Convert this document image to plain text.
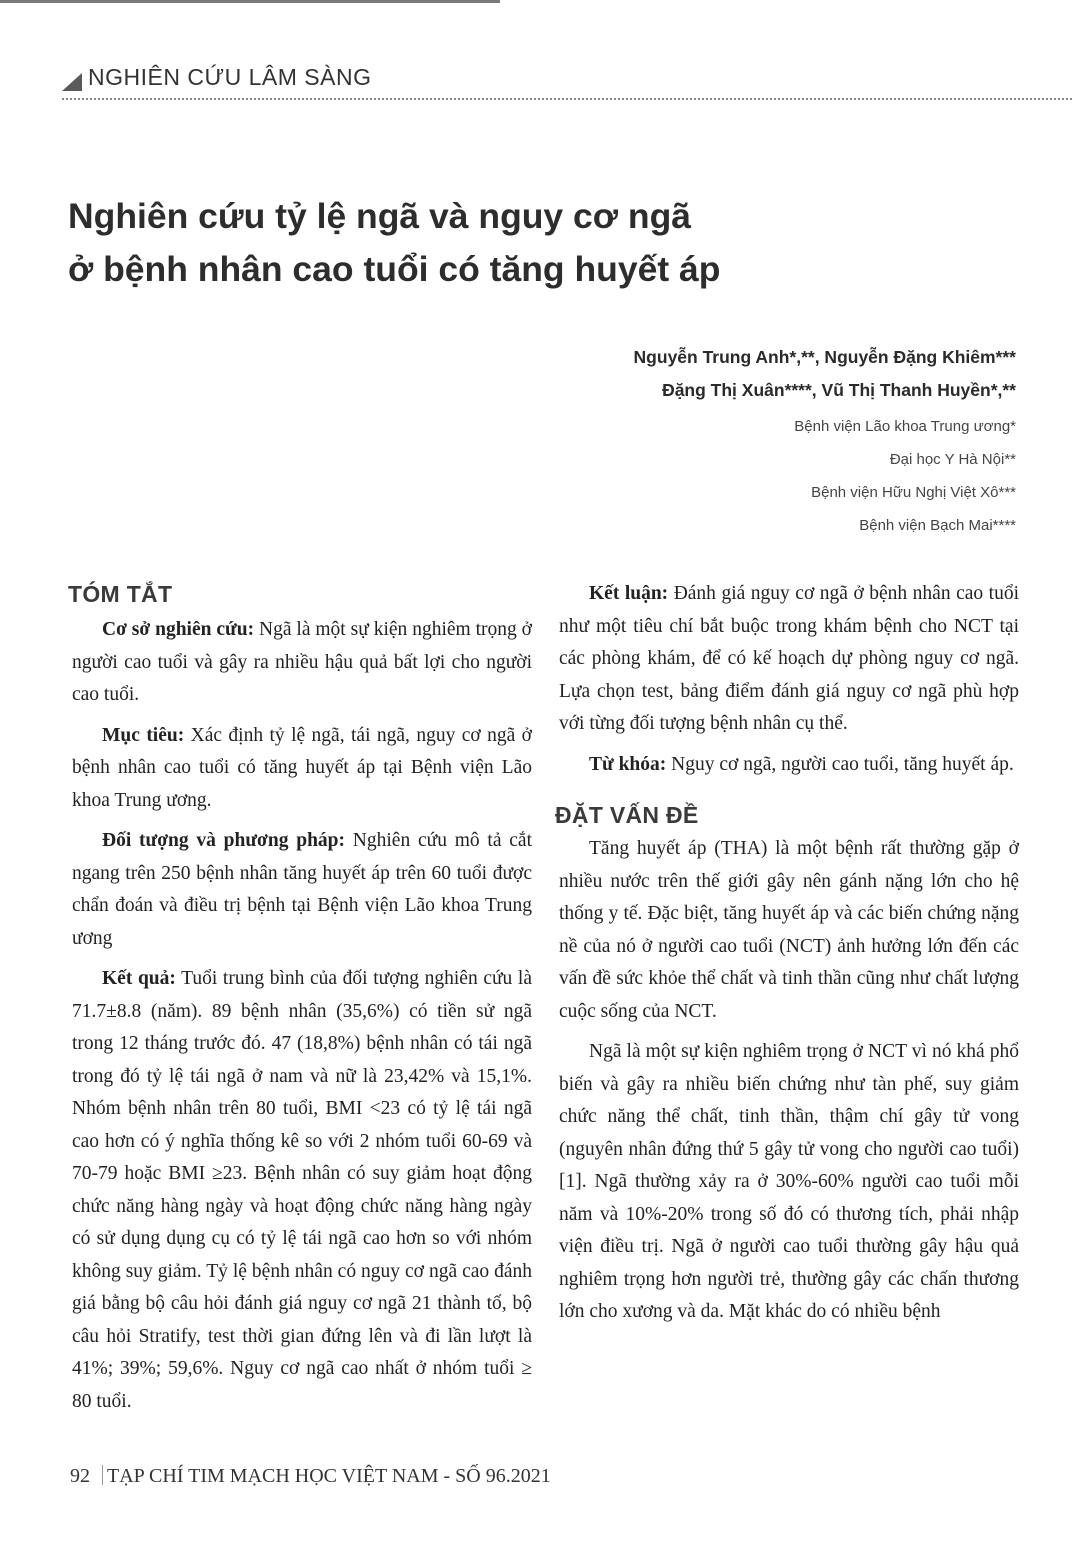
NGHIÊN CỨU LÂM SÀNG
Nghiên cứu tỷ lệ ngã và nguy cơ ngã
ở bệnh nhân cao tuổi có tăng huyết áp
Nguyễn Trung Anh*,**, Nguyễn Đặng Khiêm***
Đặng Thị Xuân****, Vũ Thị Thanh Huyền*,**
Bệnh viện Lão khoa Trung ương*
Đại học Y Hà Nội**
Bệnh viện Hữu Nghị Việt Xô***
Bệnh viện Bạch Mai****
TÓM TẮT

Cơ sở nghiên cứu: Ngã là một sự kiện nghiêm trọng ở người cao tuổi và gây ra nhiều hậu quả bất lợi cho người cao tuổi.

Mục tiêu: Xác định tỷ lệ ngã, tái ngã, nguy cơ ngã ở bệnh nhân cao tuổi có tăng huyết áp tại Bệnh viện Lão khoa Trung ương.

Đối tượng và phương pháp: Nghiên cứu mô tả cắt ngang trên 250 bệnh nhân tăng huyết áp trên 60 tuổi được chẩn đoán và điều trị bệnh tại Bệnh viện Lão khoa Trung ương

Kết quả: Tuổi trung bình của đối tượng nghiên cứu là 71.7±8.8 (năm). 89 bệnh nhân (35,6%) có tiền sử ngã trong 12 tháng trước đó. 47 (18,8%) bệnh nhân có tái ngã trong đó tỷ lệ tái ngã ở nam và nữ là 23,42% và 15,1%. Nhóm bệnh nhân trên 80 tuổi, BMI <23 có tỷ lệ tái ngã cao hơn có ý nghĩa thống kê so với 2 nhóm tuổi 60-69 và 70-79 hoặc BMI ≥23. Bệnh nhân có suy giảm hoạt động chức năng hàng ngày và hoạt động chức năng hàng ngày có sử dụng dụng cụ có tỷ lệ tái ngã cao hơn so với nhóm không suy giảm. Tỷ lệ bệnh nhân có nguy cơ ngã cao đánh giá bằng bộ câu hỏi đánh giá nguy cơ ngã 21 thành tố, bộ câu hỏi Stratify, test thời gian đứng lên và đi lần lượt là 41%; 39%; 59,6%. Nguy cơ ngã cao nhất ở nhóm tuổi ≥ 80 tuổi.

Kết luận: Đánh giá nguy cơ ngã ở bệnh nhân cao tuổi như một tiêu chí bắt buộc trong khám bệnh cho NCT tại các phòng khám, để có kế hoạch dự phòng nguy cơ ngã. Lựa chọn test, bảng điểm đánh giá nguy cơ ngã phù hợp với từng đối tượng bệnh nhân cụ thể.

Từ khóa: Nguy cơ ngã, người cao tuổi, tăng huyết áp.

ĐẶT VẤN ĐỀ

Tăng huyết áp (THA) là một bệnh rất thường gặp ở nhiều nước trên thế giới gây nên gánh nặng lớn cho hệ thống y tế. Đặc biệt, tăng huyết áp và các biến chứng nặng nề của nó ở người cao tuổi (NCT) ảnh hưởng lớn đến các vấn đề sức khỏe thể chất và tinh thần cũng như chất lượng cuộc sống của NCT.

Ngã là một sự kiện nghiêm trọng ở NCT vì nó khá phổ biến và gây ra nhiều biến chứng như tàn phế, suy giảm chức năng thể chất, tinh thần, thậm chí gây tử vong (nguyên nhân đứng thứ 5 gây tử vong cho người cao tuổi) [1]. Ngã thường xảy ra ở 30%-60% người cao tuổi mỗi năm và 10%-20% trong số đó có thương tích, phải nhập viện điều trị. Ngã ở người cao tuổi thường gây hậu quả nghiêm trọng hơn người trẻ, thường gây các chấn thương lớn cho xương và da. Mặt khác do có nhiều bệnh

92 TẠP CHÍ TIM MẠCH HỌC VIỆT NAM - SỐ 96.2021
